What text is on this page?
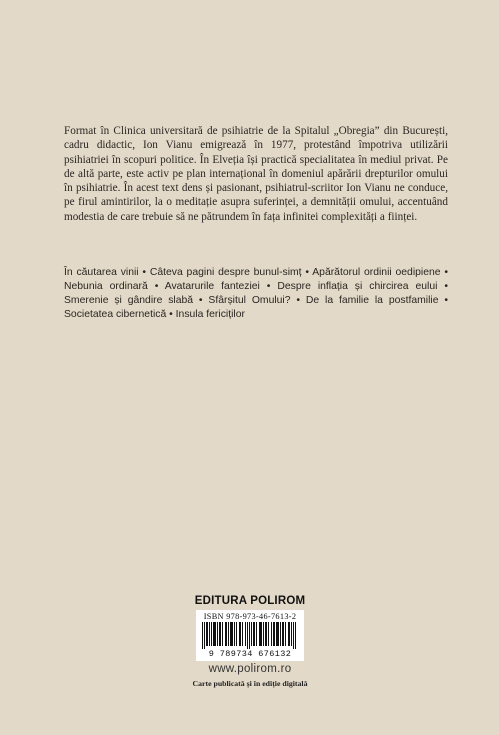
Format în Clinica universitară de psihiatrie de la Spitalul „Obregia” din București, cadru didactic, Ion Vianu emigrează în 1977, protestând împotriva utilizării psihiatriei în scopuri politice. În Elveția își practică specialitatea în mediul privat. Pe de altă parte, este activ pe plan internațional în domeniul apărării drepturilor omului în psihiatrie. În acest text dens și pasionant, psihiatrul-scriitor Ion Vianu ne conduce, pe firul amintirilor, la o meditație asupra suferinței, a demnității omului, accentuând modestia de care trebuie să ne pătrundem în fața infinitei complexități a ființei.

În căutarea vinii • Câteva pagini despre bunul-simț • Apărătorul ordinii oedipiene • Nebunia ordinară • Avatarurile fanteziei • Despre inflația și chircirea eului • Smerenie și gândire slabă • Sfârșitul Omului? • De la familie la postfamilie • Societatea cibernetică • Insula fericiților

EDITURA POLIROM
ISBN 978-973-46-7613-2
9 789734 676132
www.polirom.ro
Carte publicată și în ediție digitală
